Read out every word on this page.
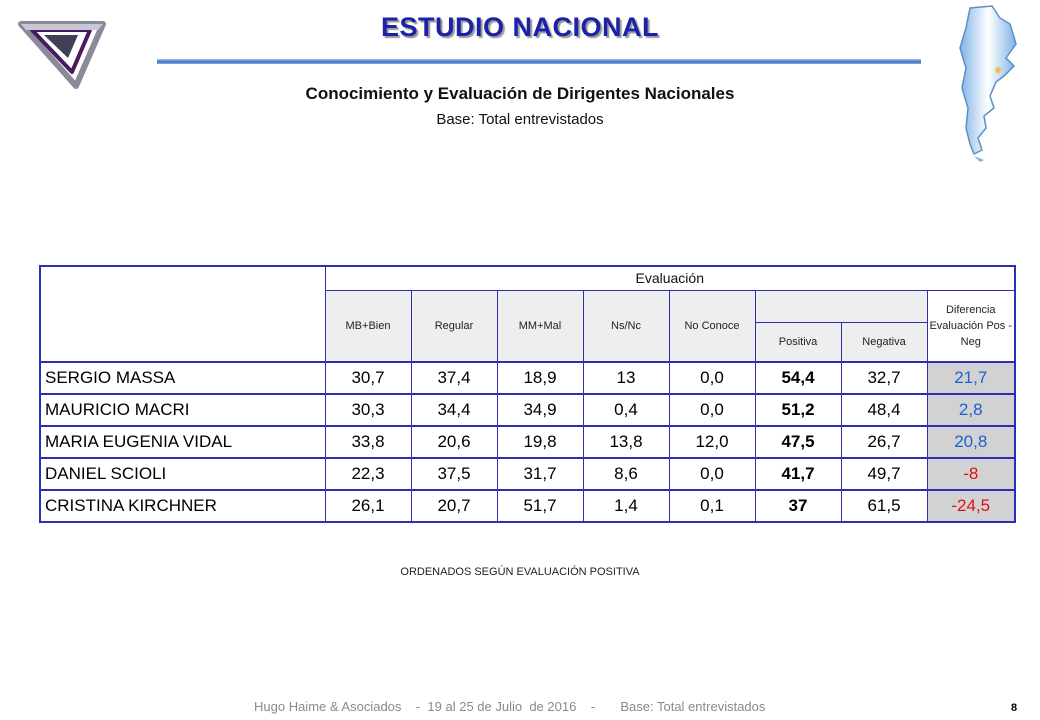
ESTUDIO NACIONAL
Conocimiento y Evaluación de Dirigentes Nacionales
Base: Total entrevistados
	Evaluación							
	MB+Bien	Regular	MM+Mal	Ns/Nc	No Conoce			Diferencia Evaluación Pos - Neg
						Positiva	Negativa	
SERGIO MASSA	30,7	37,4	18,9	13	0,0	54,4	32,7	21,7
MAURICIO MACRI	30,3	34,4	34,9	0,4	0,0	51,2	48,4	2,8
MARIA EUGENIA VIDAL	33,8	20,6	19,8	13,8	12,0	47,5	26,7	20,8
DANIEL SCIOLI	22,3	37,5	31,7	8,6	0,0	41,7	49,7	-8
CRISTINA KIRCHNER	26,1	20,7	51,7	1,4	0,1	37	61,5	-24,5
ORDENADOS SEGÚN EVALUACIÓN POSITIVA
Hugo Haime & Asociados    -  19 al 25 de Julio  de 2016    -       Base: Total entrevistados	8
